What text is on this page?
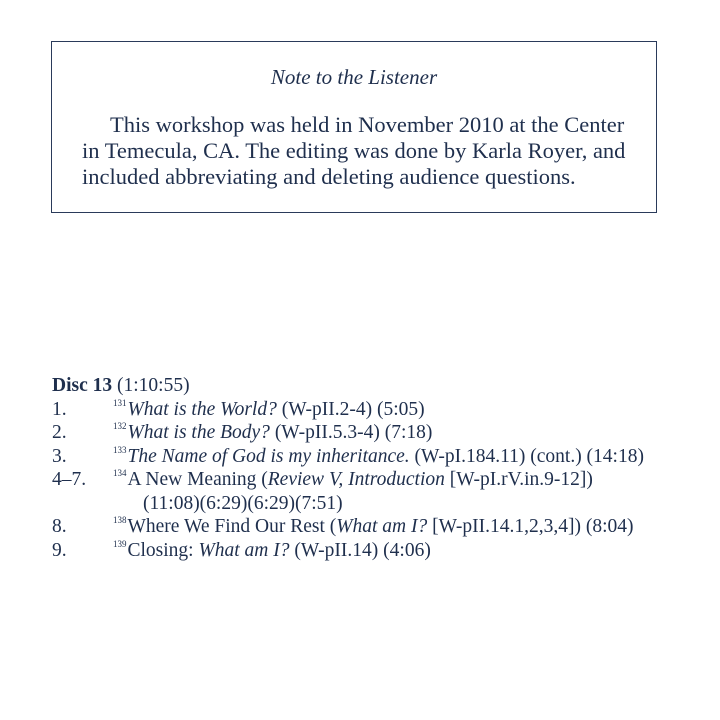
Note to the Listener
This workshop was held in November 2010 at the Center
in Temecula, CA. The editing was done by Karla Royer, and
included abbreviating and deleting audience questions.
Disc 13 (1:10:55)
1.	$^{131}$What is the World? (W-pII.2-4) (5:05)
2.	$^{132}$What is the Body? (W-pII.5.3-4) (7:18)
3.	$^{133}$The Name of God is my inheritance. (W-pI.184.11) (cont.) (14:18)
4–7.	$^{134}$A New Meaning (Review V, Introduction [W-pI.rV.in.9-12])
(11:08)(6:29)(6:29)(7:51)
8.	$^{138}$Where We Find Our Rest (What am I? [W-pII.14.1,2,3,4]) (8:04)
9.	$^{139}$Closing: What am I? (W-pII.14) (4:06)
